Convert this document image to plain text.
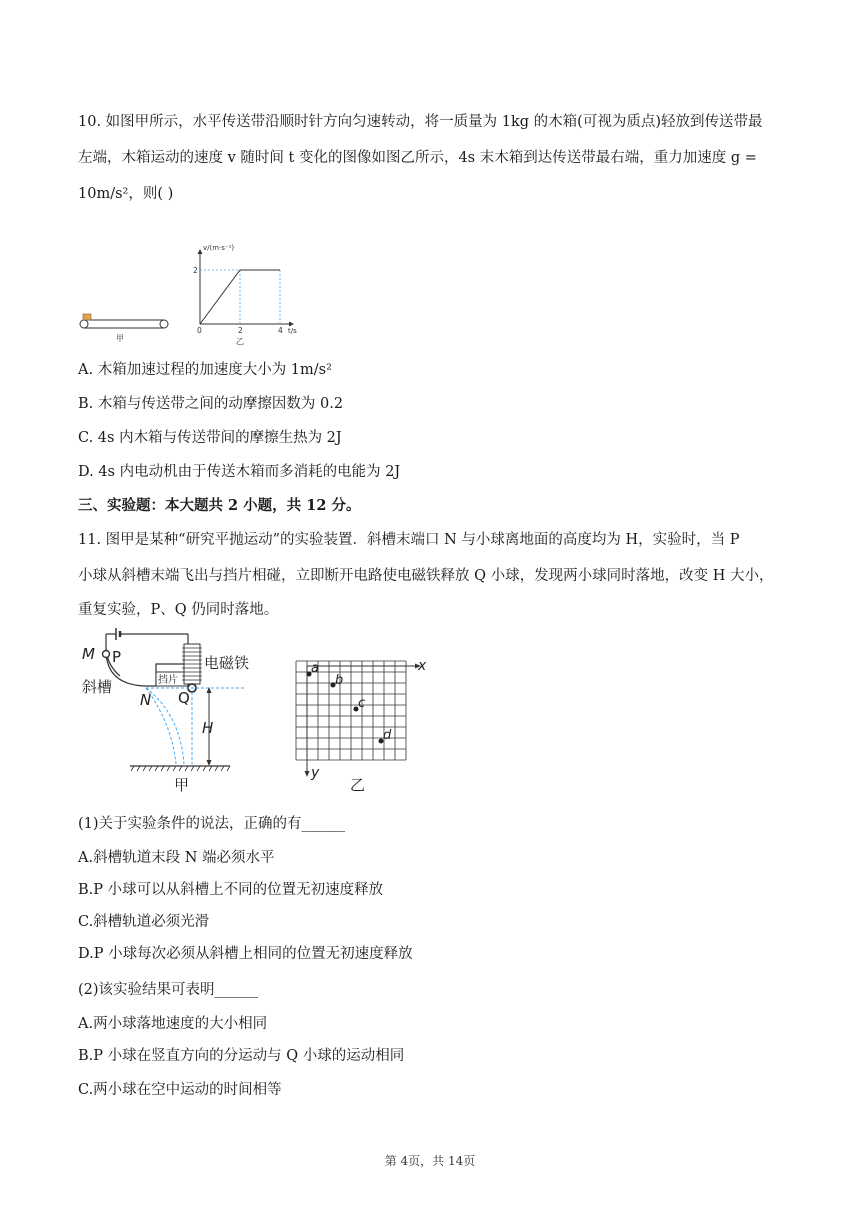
10. 如图甲所示，水平传送带沿顺时针方向匀速转动，将一质量为 1kg 的木箱(可视为质点)轻放到传送带最
左端，木箱运动的速度 v 随时间 t 变化的图像如图乙所示，4s 末木箱到达传送带最右端，重力加速度 g =
10m/s²，则( )
甲
v/(m·s⁻¹)
2
0	2	4 t/s
乙
A. 木箱加速过程的加速度大小为 1m/s²
B. 木箱与传送带之间的动摩擦因数为 0.2
C. 4s 内木箱与传送带间的摩擦生热为 2J
D. 4s 内电动机由于传送木箱而多消耗的电能为 2J
三、实验题：本大题共 2 小题，共 12 分。
11. 图甲是某种“研究平抛运动”的实验装置．斜槽末端口 N 与小球离地面的高度均为 H，实验时，当 P
小球从斜槽末端飞出与挡片相碰，立即断开电路使电磁铁释放 Q 小球，发现两小球同时落地，改变 H 大小，
重复实验，P、Q 仍同时落地。
M P	电磁铁
斜槽	挡片
N Q
H
甲
x
y
a
b
c
d
乙
(1)关于实验条件的说法，正确的有______
A.斜槽轨道末段 N 端必须水平
B.P 小球可以从斜槽上不同的位置无初速度释放
C.斜槽轨道必须光滑
D.P 小球每次必须从斜槽上相同的位置无初速度释放
(2)该实验结果可表明______
A.两小球落地速度的大小相同
B.P 小球在竖直方向的分运动与 Q 小球的运动相同
C.两小球在空中运动的时间相等
第 4页，共 14页
